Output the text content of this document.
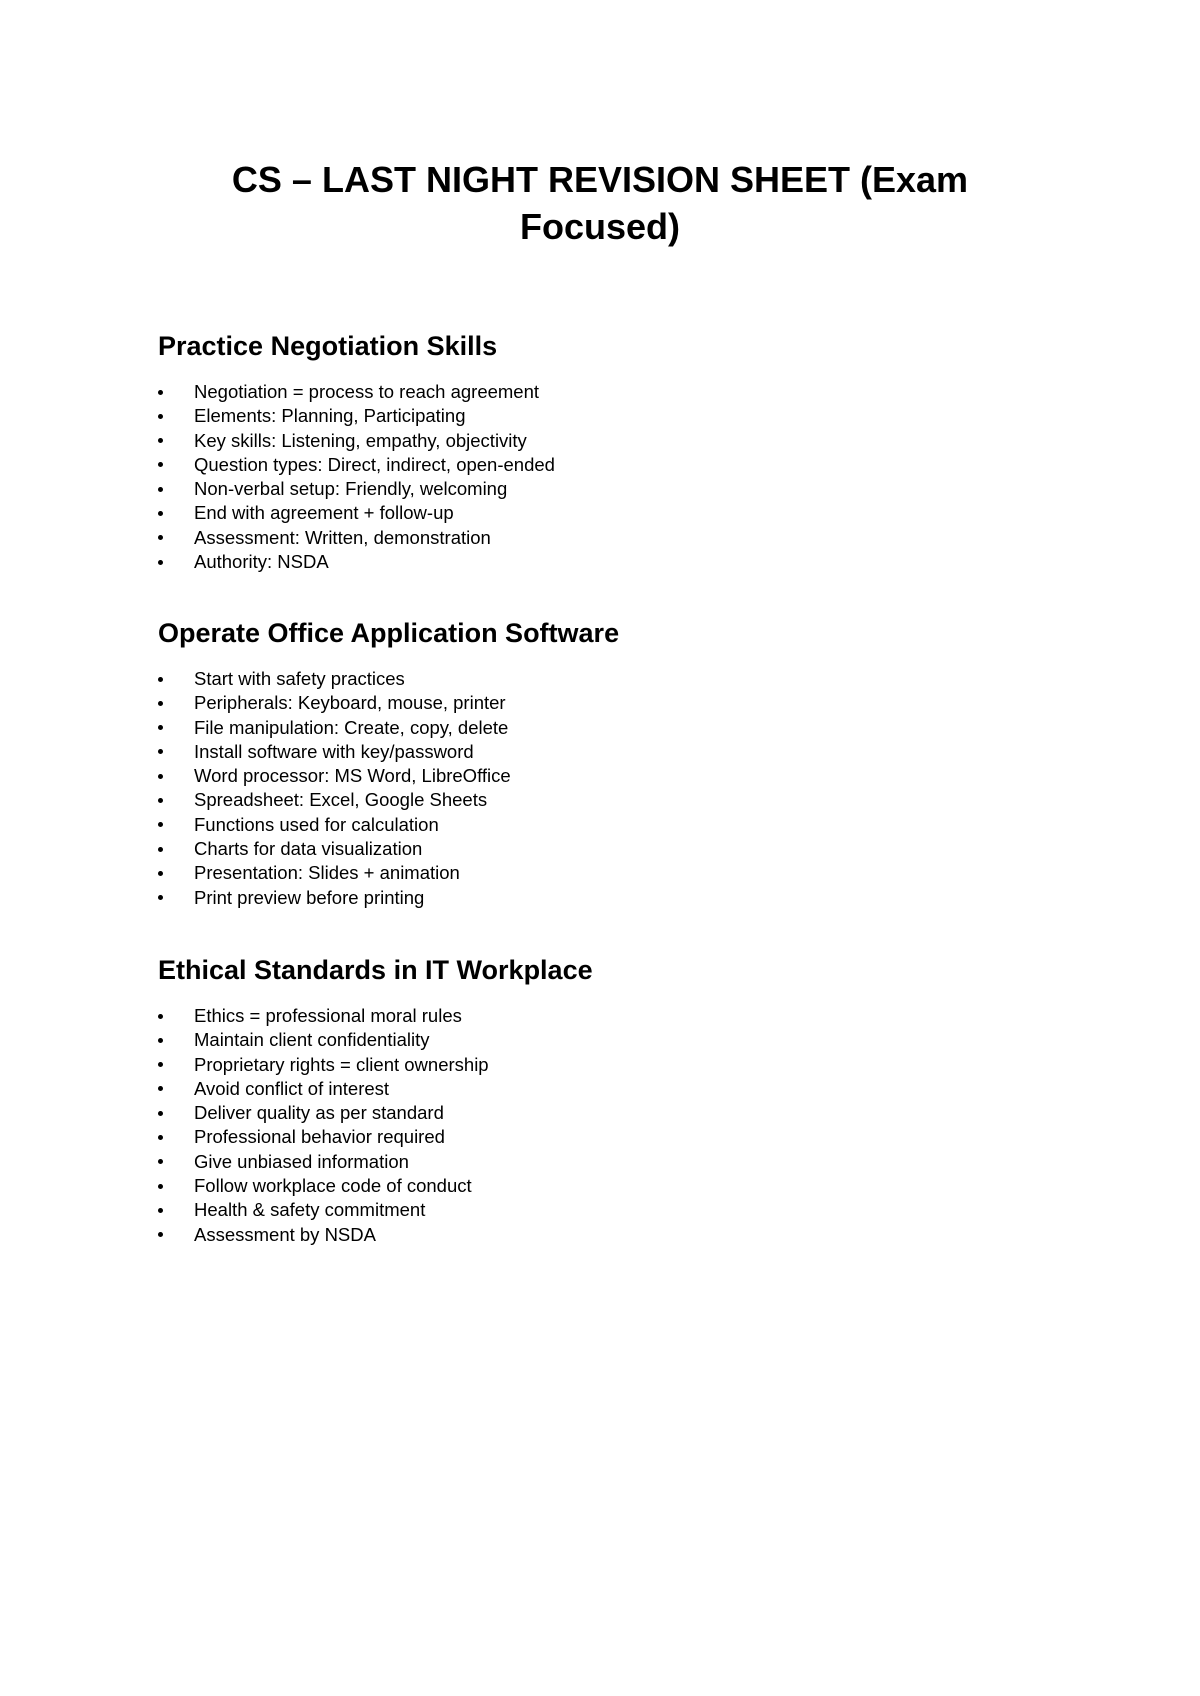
CS – LAST NIGHT REVISION SHEET (Exam Focused)
Practice Negotiation Skills
Negotiation = process to reach agreement
Elements: Planning, Participating
Key skills: Listening, empathy, objectivity
Question types: Direct, indirect, open-ended
Non-verbal setup: Friendly, welcoming
End with agreement + follow-up
Assessment: Written, demonstration
Authority: NSDA
Operate Office Application Software
Start with safety practices
Peripherals: Keyboard, mouse, printer
File manipulation: Create, copy, delete
Install software with key/password
Word processor: MS Word, LibreOffice
Spreadsheet: Excel, Google Sheets
Functions used for calculation
Charts for data visualization
Presentation: Slides + animation
Print preview before printing
Ethical Standards in IT Workplace
Ethics = professional moral rules
Maintain client confidentiality
Proprietary rights = client ownership
Avoid conflict of interest
Deliver quality as per standard
Professional behavior required
Give unbiased information
Follow workplace code of conduct
Health & safety commitment
Assessment by NSDA
